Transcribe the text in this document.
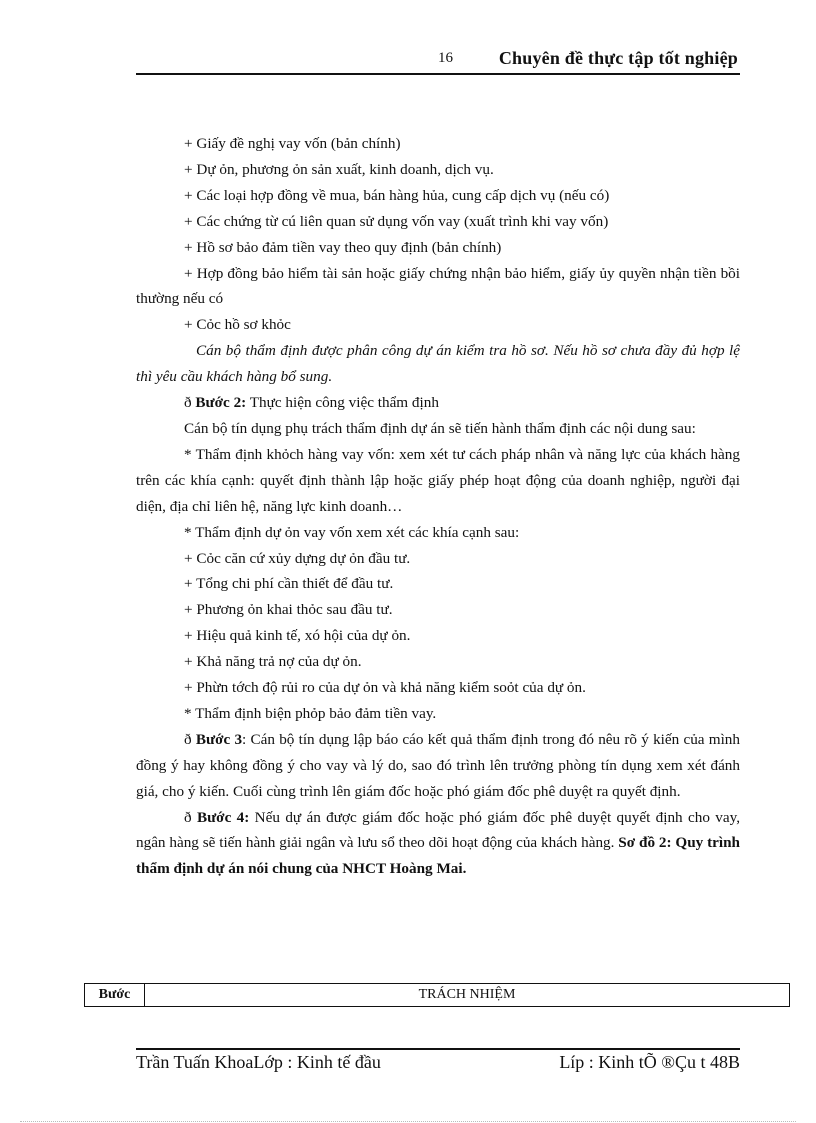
16	Chuyên đề thực tập tốt nghiệp

+ Giấy đề nghị vay vốn (bản chính)

+ Dự ỏn, phương ỏn sản xuất, kinh doanh, dịch vụ.

+ Các loại hợp đồng về mua, bán hàng hủa, cung cấp dịch vụ (nếu có)

+ Các chứng từ cú liên quan sử dụng vốn vay (xuất trình khi vay vốn)

+ Hồ sơ bảo đảm tiền vay theo quy định (bản chính)

+ Hợp đồng bảo hiểm tài sản hoặc giấy chứng nhận bảo hiểm, giấy ủy quyền nhận tiền bồi thường nếu có

+ Cỏc hồ sơ khỏc

Cán bộ thẩm định được phân công dự án kiểm tra hồ sơ. Nếu hồ sơ chưa đầy đủ hợp lệ thì yêu cầu khách hàng bổ sung.

ð Bước 2: Thực hiện công việc thẩm định

Cán bộ tín dụng phụ trách thẩm định dự án sẽ tiến hành thẩm định các nội dung sau:

* Thẩm định khỏch hàng vay vốn: xem xét tư cách pháp nhân và năng lực của khách hàng trên các khía cạnh: quyết định thành lập hoặc giấy phép hoạt động của doanh nghiệp, người đại diện, địa chỉ liên hệ, năng lực kinh doanh…

* Thẩm định dự ỏn vay vốn xem xét các khía cạnh sau:

+ Cỏc căn cứ xủy dựng dự ỏn đầu tư.

+ Tổng chi phí cần thiết để đầu tư.

+ Phương ỏn khai thỏc sau đầu tư.

+ Hiệu quả kinh tế, xó hội của dự ỏn.

+ Khả năng trả nợ của dự ỏn.

+ Phừn tớch độ rủi ro của dự ỏn và khả năng kiểm soỏt của dự ỏn.

* Thẩm định biện phỏp bảo đảm tiền vay.

ð Bước 3: Cán bộ tín dụng lập báo cáo kết quả thẩm định trong đó nêu rõ ý kiến của mình đồng ý hay không đồng ý cho vay và lý do, sao đó trình lên trưởng phòng tín dụng xem xét đánh giá, cho ý kiến. Cuối cùng trình lên giám đốc hoặc phó giám đốc phê duyệt ra quyết định.

ð Bước 4: Nếu dự án được giám đốc hoặc phó giám đốc phê duyệt quyết định cho vay, ngân hàng sẽ tiến hành giải ngân và lưu sổ theo dõi hoạt động của khách hàng. Sơ đồ 2: Quy trình thẩm định dự án nói chung của NHCT Hoàng Mai.

Bước	TRÁCH NHIỆM
Trần Tuấn KhoaLớp : Kinh tế đầu	Líp : Kinh tÕ ®Çu t 48B
